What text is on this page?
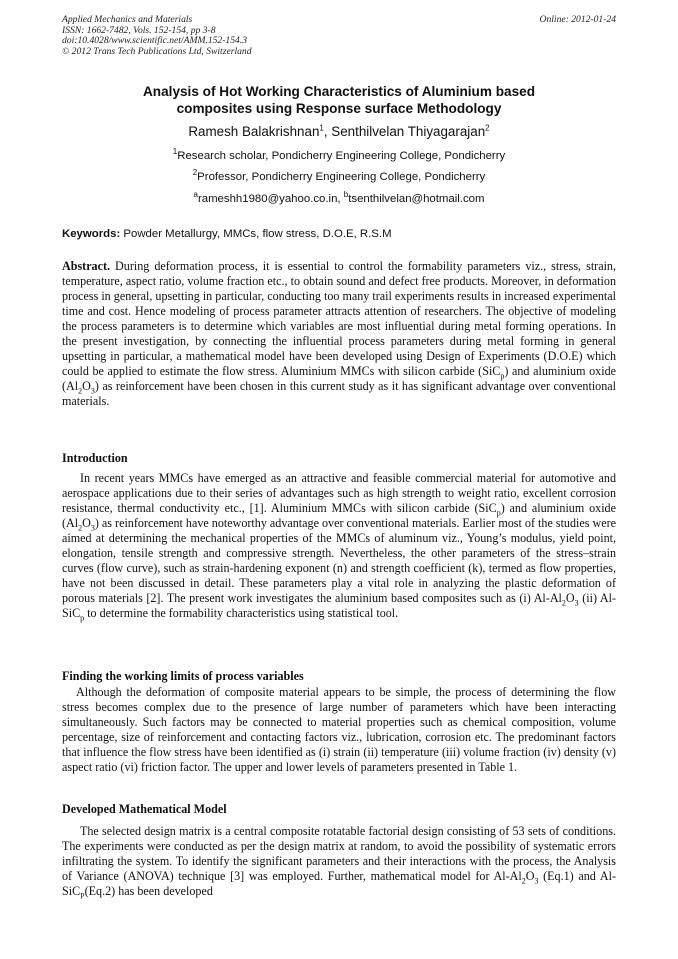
Applied Mechanics and Materials
ISSN: 1662-7482, Vols. 152-154, pp 3-8
doi:10.4028/www.scientific.net/AMM.152-154.3
© 2012 Trans Tech Publications Ltd, Switzerland
Online: 2012-01-24
Analysis of Hot Working Characteristics of Aluminium based
composites using Response surface Methodology
Ramesh Balakrishnan$^1$, Senthilvelan Thiyagarajan$^2$
$^1$Research scholar, Pondicherry Engineering College, Pondicherry
$^2$Professor, Pondicherry Engineering College, Pondicherry
$^a$rameshh1980@yahoo.co.in, $^b$tsenthilvelan@hotmail.com
Keywords: Powder Metallurgy, MMCs, flow stress, D.O.E, R.S.M

Abstract. During deformation process, it is essential to control the formability parameters viz., stress, strain, temperature, aspect ratio, volume fraction etc., to obtain sound and defect free products. Moreover, in deformation process in general, upsetting in particular, conducting too many trail experiments results in increased experimental time and cost. Hence modeling of process parameter attracts attention of researchers. The objective of modeling the process parameters is to determine which variables are most influential during metal forming operations. In the present investigation, by connecting the influential process parameters during metal forming in general upsetting in particular, a mathematical model have been developed using Design of Experiments (D.O.E) which could be applied to estimate the flow stress. Aluminium MMCs with silicon carbide (SiC$_p$) and aluminium oxide $(Al_2O_3)$ as reinforcement have been chosen in this current study as it has significant advantage over conventional materials.

Introduction

In recent years MMCs have emerged as an attractive and feasible commercial material for automotive and aerospace applications due to their series of advantages such as high strength to weight ratio, excellent corrosion resistance, thermal conductivity etc., [1]. Aluminium MMCs with silicon carbide (SiC$_p$) and aluminium oxide $(Al_2O_3)$ as reinforcement have noteworthy advantage over conventional materials. Earlier most of the studies were aimed at determining the mechanical properties of the MMCs of aluminum viz., Young’s modulus, yield point, elongation, tensile strength and compressive strength. Nevertheless, the other parameters of the stress–strain curves (flow curve), such as strain-hardening exponent (n) and strength coefficient (k), termed as flow properties, have not been discussed in detail. These parameters play a vital role in analyzing the plastic deformation of porous materials [2]. The present work investigates the aluminium based composites such as (i) $Al-Al_2O_3$ (ii) Al-SiC$_p$ to determine the formability characteristics using statistical tool.

Finding the working limits of process variables

Although the deformation of composite material appears to be simple, the process of determining the flow stress becomes complex due to the presence of large number of parameters which have been interacting simultaneously. Such factors may be connected to material properties such as chemical composition, volume percentage, size of reinforcement and contacting factors viz., lubrication, corrosion etc. The predominant factors that influence the flow stress have been identified as (i) strain (ii) temperature (iii) volume fraction (iv) density (v) aspect ratio (vi) friction factor. The upper and lower levels of parameters presented in Table 1.

Developed Mathematical Model

The selected design matrix is a central composite rotatable factorial design consisting of 53 sets of conditions. The experiments were conducted as per the design matrix at random, to avoid the possibility of systematic errors infiltrating the system. To identify the significant parameters and their interactions with the process, the Analysis of Variance (ANOVA) technique [3] was employed. Further, mathematical model for $Al-Al_2O_3$ (Eq.1) and Al-SiC$_P$(Eq.2) has been developed
